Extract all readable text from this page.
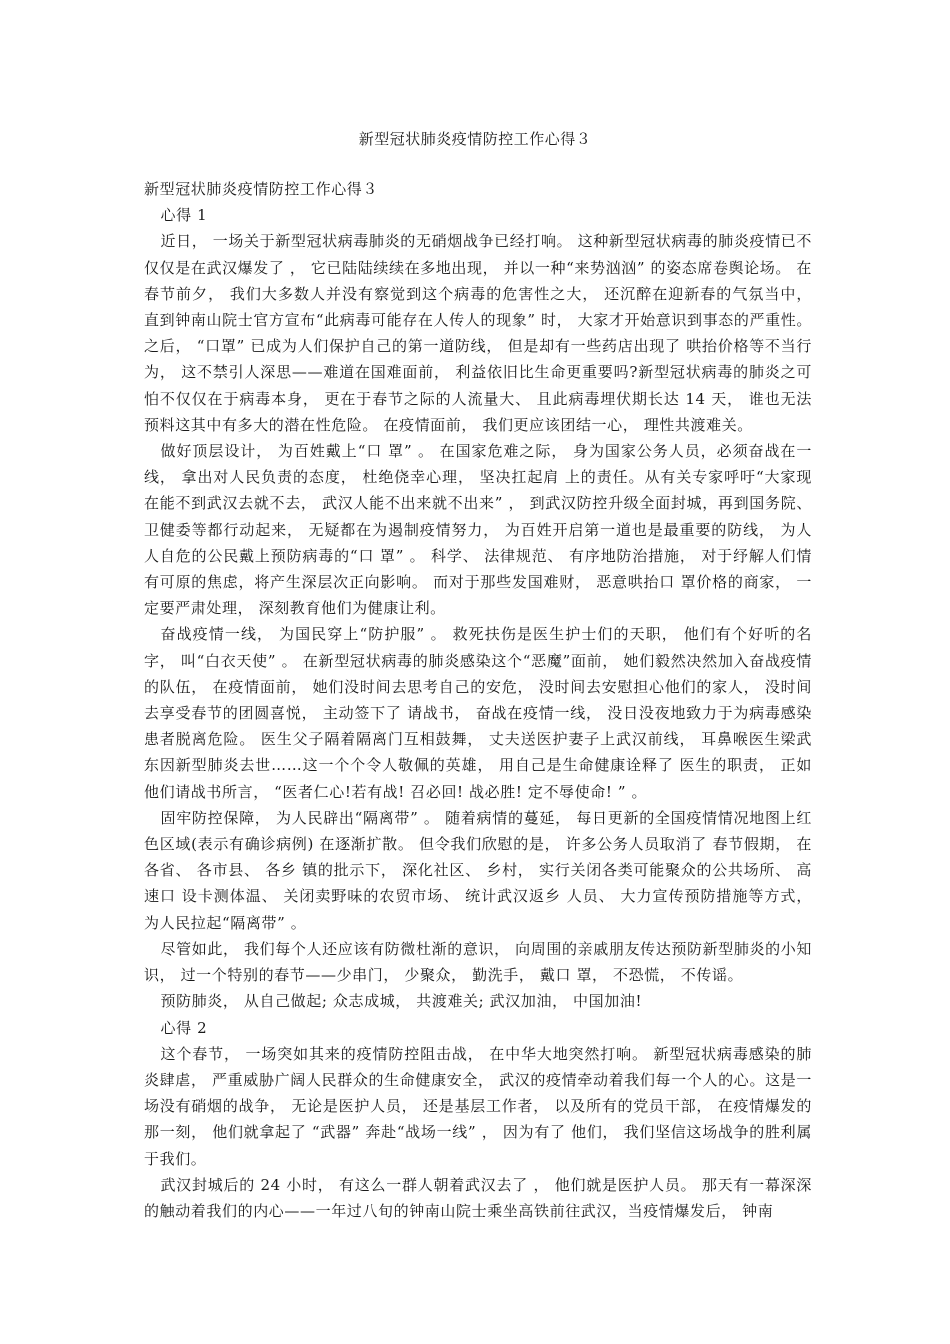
新型冠状肺炎疫情防控工作心得３

新型冠状肺炎疫情防控工作心得３

心得 1

近日， 一场关于新型冠状病毒肺炎的无硝烟战争已经打响。 这种新型冠状病毒的肺炎疫情已不仅仅是在武汉爆发了 ， 它已陆陆续续在多地出现， 并以一种“来势汹汹” 的姿态席卷舆论场。 在春节前夕， 我们大多数人并没有察觉到这个病毒的危害性之大， 还沉醉在迎新春的气氛当中， 直到钟南山院士官方宣布“此病毒可能存在人传人的现象” 时， 大家才开始意识到事态的严重性。 之后， “口罩” 已成为人们保护自己的第一道防线， 但是却有一些药店出现了 哄抬价格等不当行为， 这不禁引人深思——难道在国难面前， 利益依旧比生命更重要吗?新型冠状病毒的肺炎之可怕不仅仅在于病毒本身， 更在于春节之际的人流量大、 且此病毒埋伏期长达 14 天， 谁也无法预料这其中有多大的潜在性危险。 在疫情面前， 我们更应该团结一心， 理性共渡难关。

做好顶层设计， 为百姓戴上“口 罩” 。 在国家危难之际， 身为国家公务人员，必须奋战在一线， 拿出对人民负责的态度， 杜绝侥幸心理， 坚决扛起肩 上的责任。从有关专家呼吁“大家现在能不到武汉去就不去， 武汉人能不出来就不出来” ， 到武汉防控升级全面封城，再到国务院、 卫健委等都行动起来， 无疑都在为遏制疫情努力， 为百姓开启第一道也是最重要的防线， 为人人自危的公民戴上预防病毒的“口 罩” 。 科学、 法律规范、 有序地防治措施， 对于纾解人们情有可原的焦虑，将产生深层次正向影响。 而对于那些发国难财， 恶意哄抬口 罩价格的商家， 一定要严肃处理， 深刻教育他们为健康让利。

奋战疫情一线， 为国民穿上“防护服” 。 救死扶伤是医生护士们的天职， 他们有个好听的名字， 叫“白衣天使” 。 在新型冠状病毒的肺炎感染这个“恶魔”面前， 她们毅然决然加入奋战疫情的队伍， 在疫情面前， 她们没时间去思考自己的安危， 没时间去安慰担心他们的家人， 没时间去享受春节的团圆喜悦， 主动签下了 请战书， 奋战在疫情一线， 没日没夜地致力于为病毒感染患者脱离危险。 医生父子隔着隔离门互相鼓舞， 丈夫送医护妻子上武汉前线， 耳鼻喉医生梁武东因新型肺炎去世……这一个个令人敬佩的英雄， 用自己是生命健康诠释了 医生的职责， 正如他们请战书所言， “医者仁心!若有战! 召必回! 战必胜! 定不辱使命! ” 。

固牢防控保障， 为人民辟出“隔离带” 。 随着病情的蔓延， 每日更新的全国疫情情况地图上红色区域(表示有确诊病例) 在逐渐扩散。 但令我们欣慰的是， 许多公务人员取消了 春节假期， 在各省、 各市县、 各乡 镇的批示下， 深化社区、 乡村， 实行关闭各类可能聚众的公共场所、 高速口 设卡测体温、 关闭卖野味的农贸市场、 统计武汉返乡 人员、 大力宣传预防措施等方式， 为人民拉起“隔离带” 。

尽管如此， 我们每个人还应该有防微杜渐的意识， 向周围的亲戚朋友传达预防新型肺炎的小知识， 过一个特别的春节——少串门， 少聚众， 勤洗手， 戴口 罩， 不恐慌， 不传谣。

预防肺炎， 从自己做起; 众志成城， 共渡难关; 武汉加油， 中国加油!

心得 2

这个春节， 一场突如其来的疫情防控阻击战， 在中华大地突然打响。 新型冠状病毒感染的肺炎肆虐， 严重威胁广阔人民群众的生命健康安全， 武汉的疫情牵动着我们每一个人的心。这是一场没有硝烟的战争， 无论是医护人员， 还是基层工作者， 以及所有的党员干部， 在疫情爆发的那一刻， 他们就拿起了 “武器” 奔赴“战场一线” ， 因为有了 他们， 我们坚信这场战争的胜利属于我们。

武汉封城后的 24 小时， 有这么一群人朝着武汉去了 ， 他们就是医护人员。 那天有一幕深深的触动着我们的内心——一年过八旬的钟南山院士乘坐高铁前往武汉，当疫情爆发后， 钟南
